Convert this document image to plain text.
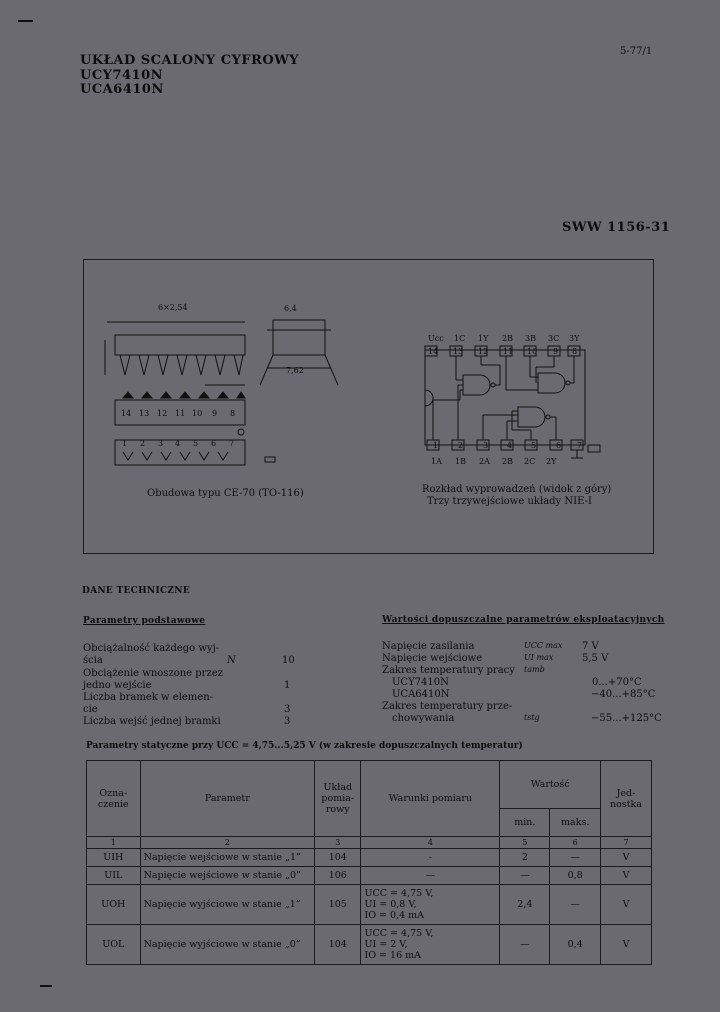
UKŁAD SCALONY CYFROWY
UCY7410N
UCA6410N
5-77/1
SWW 1156-31
6×2,54	6,4
7,62
14 13 12 11 10 9 8
1 2 3 4 5 6 7
Obudowa typu CE-70 (TO-116)
Ucc 1C 1Y 2B 3B 3C 3Y
14 13 12 11 10 9 8
1 2 3 4 5 6 7
1A 1B 2A 2B 2C 2Y
Rozkład wyprowadzeń (widok z góry)
Trzy trzywejściowe układy NIE-I
DANE TECHNICZNE
Parametry podstawowe
Obciążalność każdego wyj-
ścia	N	10
Obciążenie wnoszone przez
jedno wejście	1
Liczba bramek w elemen-
cie	3
Liczba wejść jednej bramki	3
Wartości dopuszczalne parametrów eksploatacyjnych
Napięcie zasilania	UCC max 7 V
Napięcie wejściowe	UI max	5,5 V
Zakres temperatury pracy tamb
UCY7410N	0...+70°C
UCA6410N	−40...+85°C
Zakres temperatury prze-
chowywania	tstg	−55...+125°C
Parametry statyczne przy UCC = 4,75...5,25 V (w zakresie dopuszczalnych temperatur)
Ozna-czenie	Parametr	Układ pomia-rowy	Warunki pomiaru	Wartość		Jed-nostka
				min.	maks.	
1	2	3	4	5	6	7
UIH	Napięcie wejściowe w stanie „1”	104	-	2	—	V
UIL	Napięcie wejściowe w stanie „0”	106	—	—	0,8	V
UOH	Napięcie wyjściowe w stanie „1”	105	UCC = 4,75 V,
UI = 0,8 V,
IO = 0,4 mA	2,4	—	V
UOL	Napięcie wyjściowe w stanie „0”	104	UCC = 4,75 V,
UI = 2 V,
IO = 16 mA	—	0,4	V
